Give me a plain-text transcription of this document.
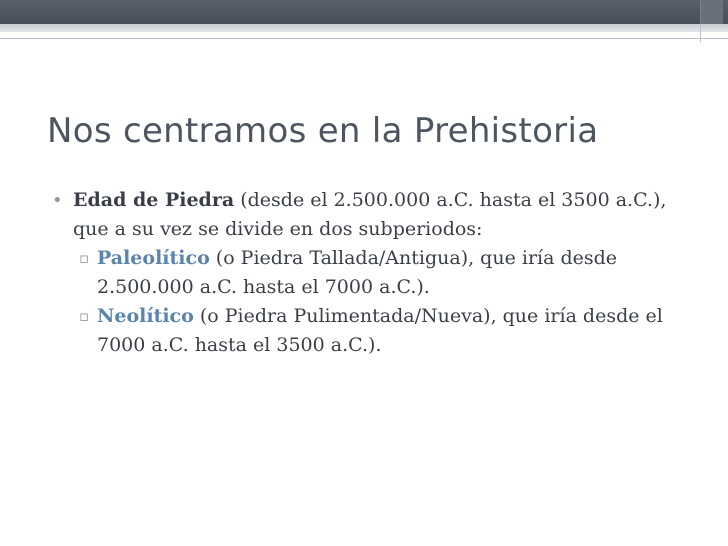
Nos centramos en la Prehistoria
• Edad de Piedra (desde el 2.500.000 a.C. hasta el 3500 a.C.), que a su vez se divide en dos subperiodos:
▫ Paleolítico (o Piedra Tallada/Antigua), que iría desde 2.500.000 a.C. hasta el 7000 a.C.).
▫ Neolítico (o Piedra Pulimentada/Nueva), que iría desde el 7000 a.C. hasta el 3500 a.C.).
